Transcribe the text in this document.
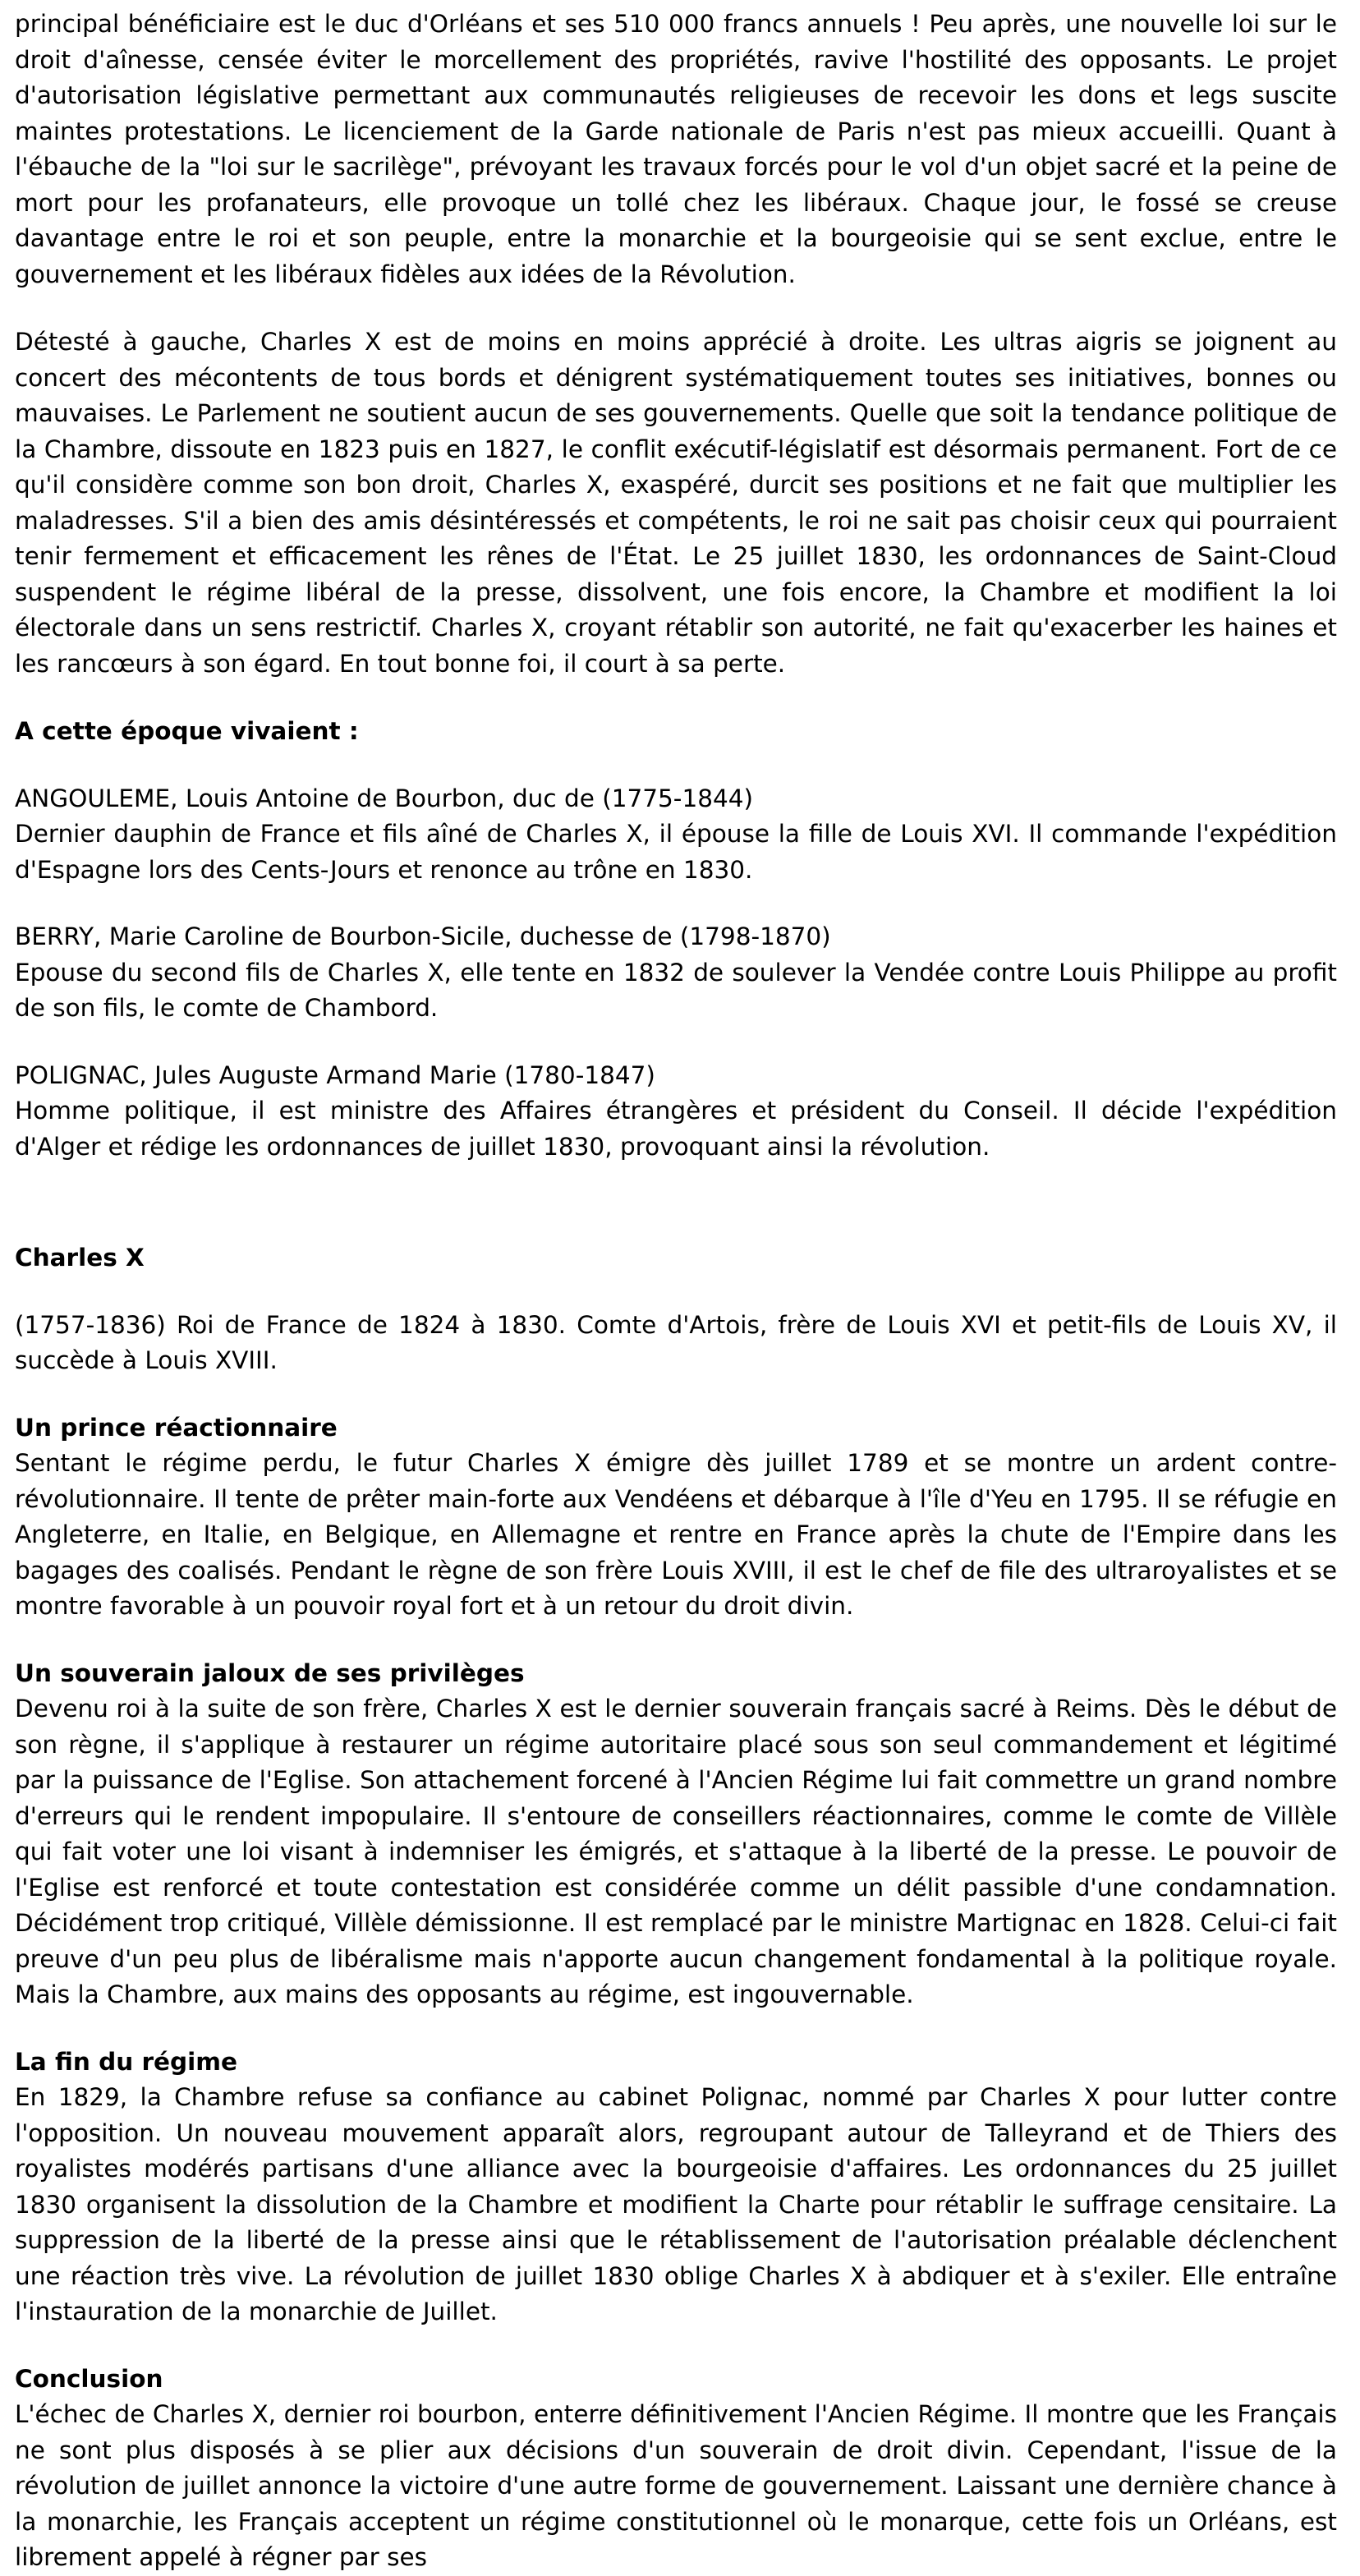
principal bénéficiaire est le duc d'Orléans et ses 510 000 francs annuels ! Peu après, une nouvelle loi sur le droit d'aînesse, censée éviter le morcellement des propriétés, ravive l'hostilité des opposants. Le projet d'autorisation législative permettant aux communautés religieuses de recevoir les dons et legs suscite maintes protestations. Le licenciement de la Garde nationale de Paris n'est pas mieux accueilli. Quant à l'ébauche de la "loi sur le sacrilège", prévoyant les travaux forcés pour le vol d'un objet sacré et la peine de mort pour les profanateurs, elle provoque un tollé chez les libéraux. Chaque jour, le fossé se creuse davantage entre le roi et son peuple, entre la monarchie et la bourgeoisie qui se sent exclue, entre le gouvernement et les libéraux fidèles aux idées de la Révolution.

Détesté à gauche, Charles X est de moins en moins apprécié à droite. Les ultras aigris se joignent au concert des mécontents de tous bords et dénigrent systématiquement toutes ses initiatives, bonnes ou mauvaises. Le Parlement ne soutient aucun de ses gouvernements. Quelle que soit la tendance politique de la Chambre, dissoute en 1823 puis en 1827, le conflit exécutif-législatif est désormais permanent. Fort de ce qu'il considère comme son bon droit, Charles X, exaspéré, durcit ses positions et ne fait que multiplier les maladresses. S'il a bien des amis désintéressés et compétents, le roi ne sait pas choisir ceux qui pourraient tenir fermement et efficacement les rênes de l'État. Le 25 juillet 1830, les ordonnances de Saint-Cloud suspendent le régime libéral de la presse, dissolvent, une fois encore, la Chambre et modifient la loi électorale dans un sens restrictif. Charles X, croyant rétablir son autorité, ne fait qu'exacerber les haines et les rancœurs à son égard. En tout bonne foi, il court à sa perte.

A cette époque vivaient :

ANGOULEME, Louis Antoine de Bourbon, duc de (1775-1844)

Dernier dauphin de France et fils aîné de Charles X, il épouse la fille de Louis XVI. Il commande l'expédition d'Espagne lors des Cents-Jours et renonce au trône en 1830.

BERRY, Marie Caroline de Bourbon-Sicile, duchesse de (1798-1870)

Epouse du second fils de Charles X, elle tente en 1832 de soulever la Vendée contre Louis Philippe au profit de son fils, le comte de Chambord.

POLIGNAC, Jules Auguste Armand Marie (1780-1847)

Homme politique, il est ministre des Affaires étrangères et président du Conseil. Il décide l'expédition d'Alger et rédige les ordonnances de juillet 1830, provoquant ainsi la révolution.

Charles X

(1757-1836) Roi de France de 1824 à 1830. Comte d'Artois, frère de Louis XVI et petit-fils de Louis XV, il succède à Louis XVIII.

Un prince réactionnaire

Sentant le régime perdu, le futur Charles X émigre dès juillet 1789 et se montre un ardent contre-révolutionnaire. Il tente de prêter main-forte aux Vendéens et débarque à l'île d'Yeu en 1795. Il se réfugie en Angleterre, en Italie, en Belgique, en Allemagne et rentre en France après la chute de l'Empire dans les bagages des coalisés. Pendant le règne de son frère Louis XVIII, il est le chef de file des ultraroyalistes et se montre favorable à un pouvoir royal fort et à un retour du droit divin.

Un souverain jaloux de ses privilèges

Devenu roi à la suite de son frère, Charles X est le dernier souverain français sacré à Reims. Dès le début de son règne, il s'applique à restaurer un régime autoritaire placé sous son seul commandement et légitimé par la puissance de l'Eglise. Son attachement forcené à l'Ancien Régime lui fait commettre un grand nombre d'erreurs qui le rendent impopulaire. Il s'entoure de conseillers réactionnaires, comme le comte de Villèle qui fait voter une loi visant à indemniser les émigrés, et s'attaque à la liberté de la presse. Le pouvoir de l'Eglise est renforcé et toute contestation est considérée comme un délit passible d'une condamnation. Décidément trop critiqué, Villèle démissionne. Il est remplacé par le ministre Martignac en 1828. Celui-ci fait preuve d'un peu plus de libéralisme mais n'apporte aucun changement fondamental à la politique royale. Mais la Chambre, aux mains des opposants au régime, est ingouvernable.

La fin du régime

En 1829, la Chambre refuse sa confiance au cabinet Polignac, nommé par Charles X pour lutter contre l'opposition. Un nouveau mouvement apparaît alors, regroupant autour de Talleyrand et de Thiers des royalistes modérés partisans d'une alliance avec la bourgeoisie d'affaires. Les ordonnances du 25 juillet 1830 organisent la dissolution de la Chambre et modifient la Charte pour rétablir le suffrage censitaire. La suppression de la liberté de la presse ainsi que le rétablissement de l'autorisation préalable déclenchent une réaction très vive. La révolution de juillet 1830 oblige Charles X à abdiquer et à s'exiler. Elle entraîne l'instauration de la monarchie de Juillet.

Conclusion

L'échec de Charles X, dernier roi bourbon, enterre définitivement l'Ancien Régime. Il montre que les Français ne sont plus disposés à se plier aux décisions d'un souverain de droit divin. Cependant, l'issue de la révolution de juillet annonce la victoire d'une autre forme de gouvernement. Laissant une dernière chance à la monarchie, les Français acceptent un régime constitutionnel où le monarque, cette fois un Orléans, est librement appelé à régner par ses
